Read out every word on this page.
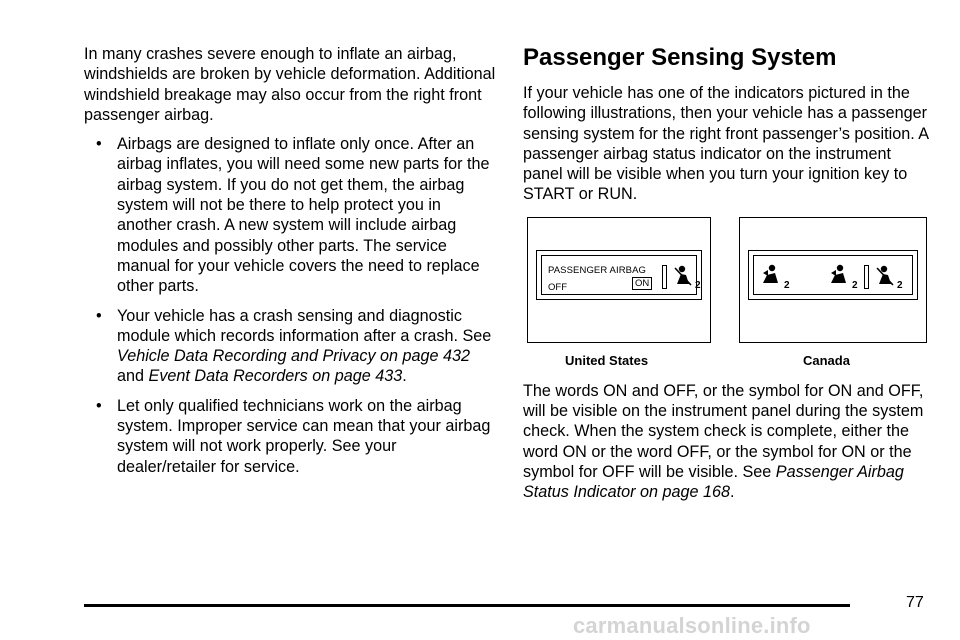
In many crashes severe enough to inflate an airbag, windshields are broken by vehicle deformation. Additional windshield breakage may also occur from the right front passenger airbag.

• Airbags are designed to inflate only once. After an airbag inflates, you will need some new parts for the airbag system. If you do not get them, the airbag system will not be there to help protect you in another crash. A new system will include airbag modules and possibly other parts. The service manual for your vehicle covers the need to replace other parts.
• Your vehicle has a crash sensing and diagnostic module which records information after a crash. See Vehicle Data Recording and Privacy on page 432 and Event Data Recorders on page 433.
• Let only qualified technicians work on the airbag system. Improper service can mean that your airbag system will not work properly. See your dealer/retailer for service.
Passenger Sensing System

If your vehicle has one of the indicators pictured in the following illustrations, then your vehicle has a passenger sensing system for the right front passenger’s position. A passenger airbag status indicator on the instrument panel will be visible when you turn your ignition key to START or RUN.

PASSENGER AIRBAG
OFF	ON	2	2	2	2
United States	Canada

The words ON and OFF, or the symbol for ON and OFF, will be visible on the instrument panel during the system check. When the system check is complete, either the word ON or the word OFF, or the symbol for ON or the symbol for OFF will be visible. See Passenger Airbag Status Indicator on page 168.

77
carmanualsonline.info
